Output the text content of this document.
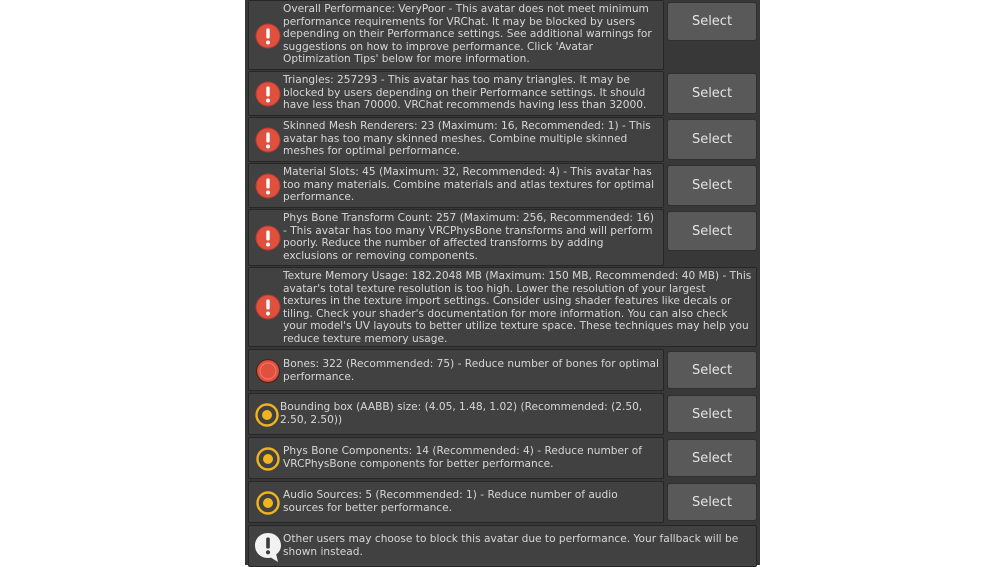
Overall Performance: VeryPoor - This avatar does not meet minimum performance requirements for VRChat. It may be blocked by users depending on their Performance settings. See additional warnings for suggestions on how to improve performance. Click 'Avatar Optimization Tips' below for more information.
Select
Triangles: 257293 - This avatar has too many triangles. It may be blocked by users depending on their Performance settings. It should have less than 70000. VRChat recommends having less than 32000.
Select
Skinned Mesh Renderers: 23 (Maximum: 16, Recommended: 1) - This avatar has too many skinned meshes. Combine multiple skinned meshes for optimal performance.
Select
Material Slots: 45 (Maximum: 32, Recommended: 4) - This avatar has too many materials. Combine materials and atlas textures for optimal performance.
Select
Phys Bone Transform Count: 257 (Maximum: 256, Recommended: 16) - This avatar has too many VRCPhysBone transforms and will perform poorly. Reduce the number of affected transforms by adding exclusions or removing components.
Select
Texture Memory Usage: 182.2048 MB (Maximum: 150 MB, Recommended: 40 MB) - This avatar's total texture resolution is too high. Lower the resolution of your largest textures in the texture import settings. Consider using shader features like decals or tiling. Check your shader's documentation for more information. You can also check your model's UV layouts to better utilize texture space. These techniques may help you reduce texture memory usage.
Bones: 322 (Recommended: 75) - Reduce number of bones for optimal performance.	Select
Bounding box (AABB) size: (4.05, 1.48, 1.02) (Recommended: (2.50, 2.50, 2.50))	Select
Phys Bone Components: 14 (Recommended: 4) - Reduce number of VRCPhysBone components for better performance.	Select
Audio Sources: 5 (Recommended: 1) - Reduce number of audio sources for better performance.	Select
Other users may choose to block this avatar due to performance. Your fallback will be shown instead.
